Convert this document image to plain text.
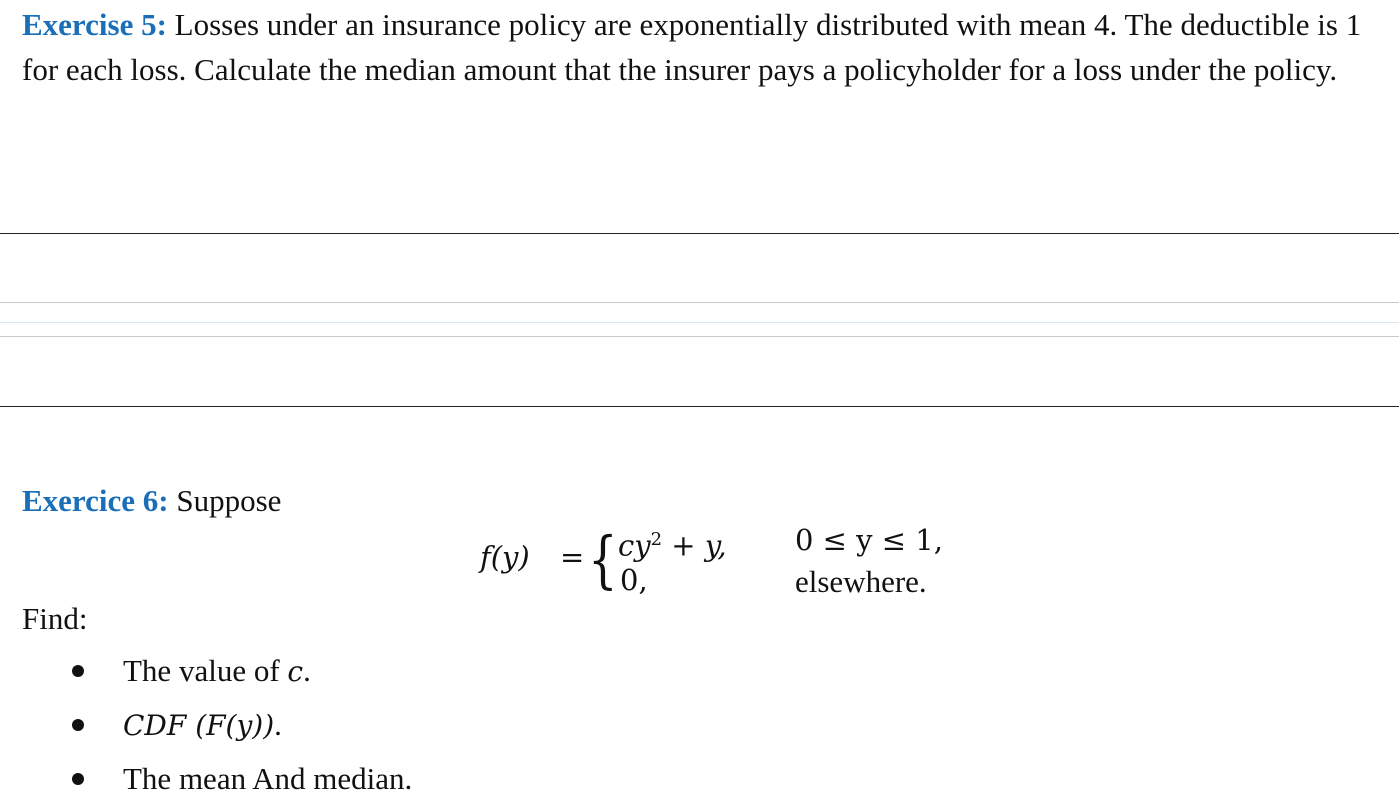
Exercise 5: Losses under an insurance policy are exponentially distributed with mean 4. The deductible is 1 for each loss. Calculate the median amount that the insurer pays a policyholder for a loss under the policy.
Exercice 6: Suppose
f(y) = { $cy^2 + y$,
0,
0 ≤ y ≤ 1,
elsewhere.
Find:
The value of c.
CDF (F(y)).
The mean And median.
